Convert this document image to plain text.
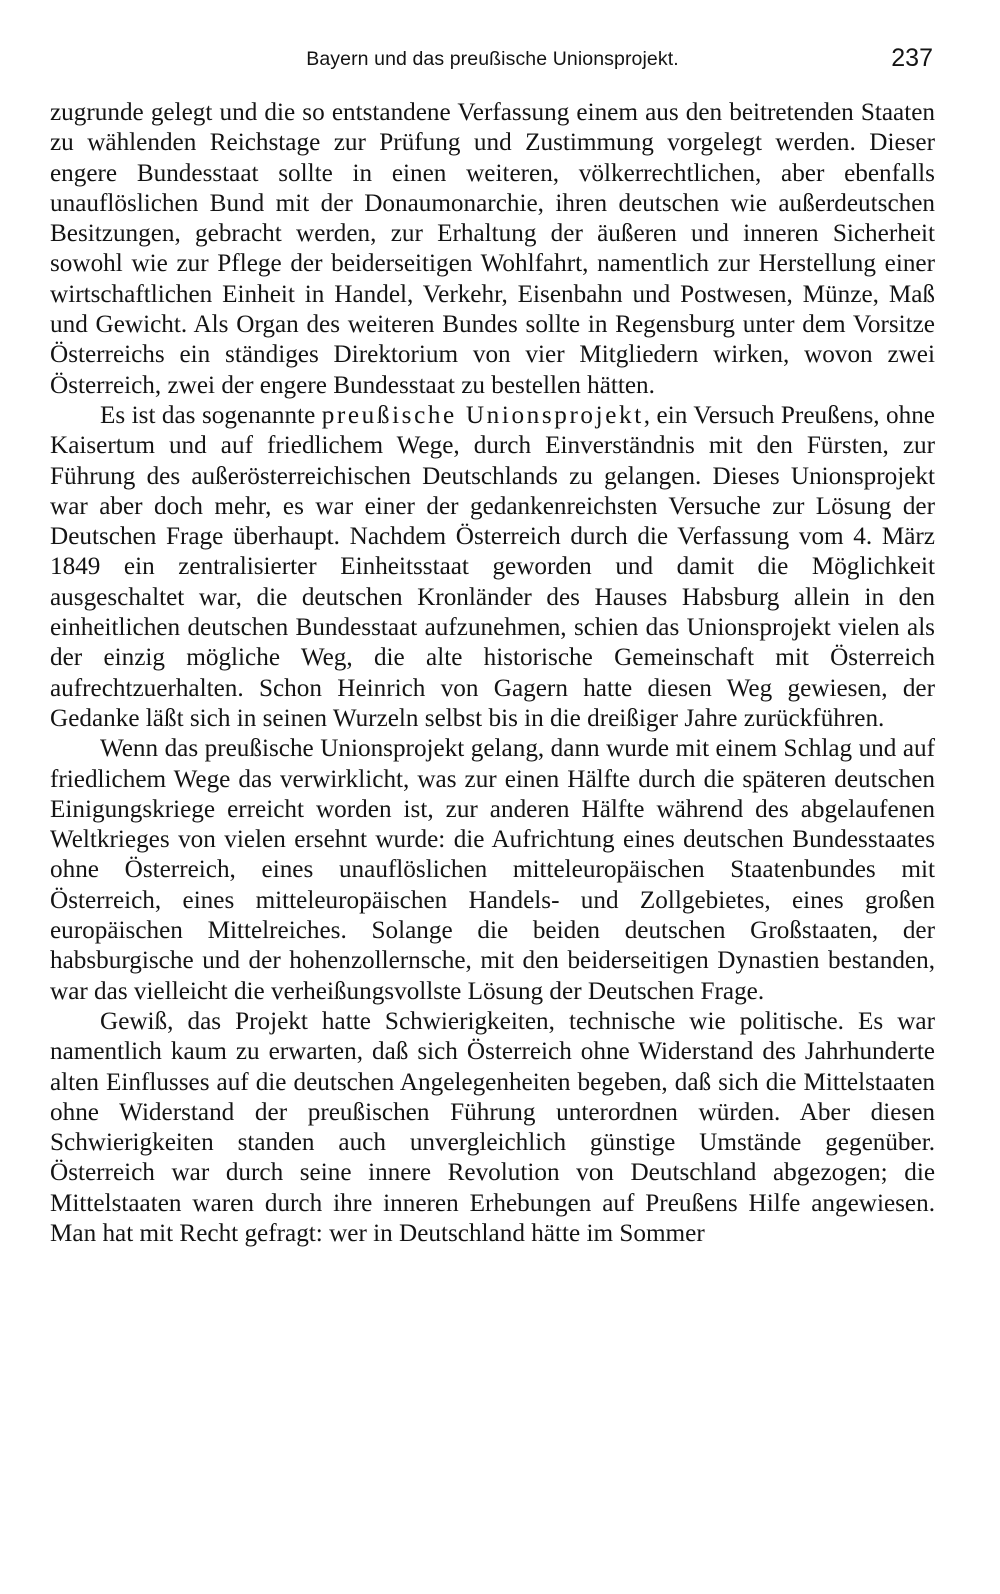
Bayern und das preußische Unionsprojekt.	237

zugrunde gelegt und die so entstandene Verfassung einem aus den beitretenden Staaten zu wählenden Reichstage zur Prüfung und Zustimmung vorgelegt werden. Dieser engere Bundesstaat sollte in einen weiteren, völkerrechtlichen, aber ebenfalls unauflöslichen Bund mit der Donaumonarchie, ihren deutschen wie außerdeutschen Besitzungen, gebracht werden, zur Erhaltung der äußeren und inneren Sicherheit sowohl wie zur Pflege der beiderseitigen Wohlfahrt, namentlich zur Herstellung einer wirtschaftlichen Einheit in Handel, Verkehr, Eisenbahn und Postwesen, Münze, Maß und Gewicht. Als Organ des weiteren Bundes sollte in Regensburg unter dem Vorsitze Österreichs ein ständiges Direktorium von vier Mitgliedern wirken, wovon zwei Österreich, zwei der engere Bundesstaat zu bestellen hätten.

Es ist das sogenannte preußische Unionsprojekt, ein Versuch Preußens, ohne Kaisertum und auf friedlichem Wege, durch Einverständnis mit den Fürsten, zur Führung des außerösterreichischen Deutschlands zu gelangen. Dieses Unionsprojekt war aber doch mehr, es war einer der gedankenreichsten Versuche zur Lösung der Deutschen Frage überhaupt. Nachdem Österreich durch die Verfassung vom 4. März 1849 ein zentralisierter Einheitsstaat geworden und damit die Möglichkeit ausgeschaltet war, die deutschen Kronländer des Hauses Habsburg allein in den einheitlichen deutschen Bundesstaat aufzunehmen, schien das Unionsprojekt vielen als der einzig mögliche Weg, die alte historische Gemeinschaft mit Österreich aufrechtzuerhalten. Schon Heinrich von Gagern hatte diesen Weg gewiesen, der Gedanke läßt sich in seinen Wurzeln selbst bis in die dreißiger Jahre zurückführen.

Wenn das preußische Unionsprojekt gelang, dann wurde mit einem Schlag und auf friedlichem Wege das verwirklicht, was zur einen Hälfte durch die späteren deutschen Einigungskriege erreicht worden ist, zur anderen Hälfte während des abgelaufenen Weltkrieges von vielen ersehnt wurde: die Aufrichtung eines deutschen Bundesstaates ohne Österreich, eines unauflöslichen mitteleuropäischen Staatenbundes mit Österreich, eines mitteleuropäischen Handels- und Zollgebietes, eines großen europäischen Mittelreiches. Solange die beiden deutschen Großstaaten, der habsburgische und der hohenzollernsche, mit den beiderseitigen Dynastien bestanden, war das vielleicht die verheißungsvollste Lösung der Deutschen Frage.

Gewiß, das Projekt hatte Schwierigkeiten, technische wie politische. Es war namentlich kaum zu erwarten, daß sich Österreich ohne Widerstand des Jahrhunderte alten Einflusses auf die deutschen Angelegenheiten begeben, daß sich die Mittelstaaten ohne Widerstand der preußischen Führung unterordnen würden. Aber diesen Schwierigkeiten standen auch unvergleichlich günstige Umstände gegenüber. Österreich war durch seine innere Revolution von Deutschland abgezogen; die Mittelstaaten waren durch ihre inneren Erhebungen auf Preußens Hilfe angewiesen. Man hat mit Recht gefragt: wer in Deutschland hätte im Sommer
